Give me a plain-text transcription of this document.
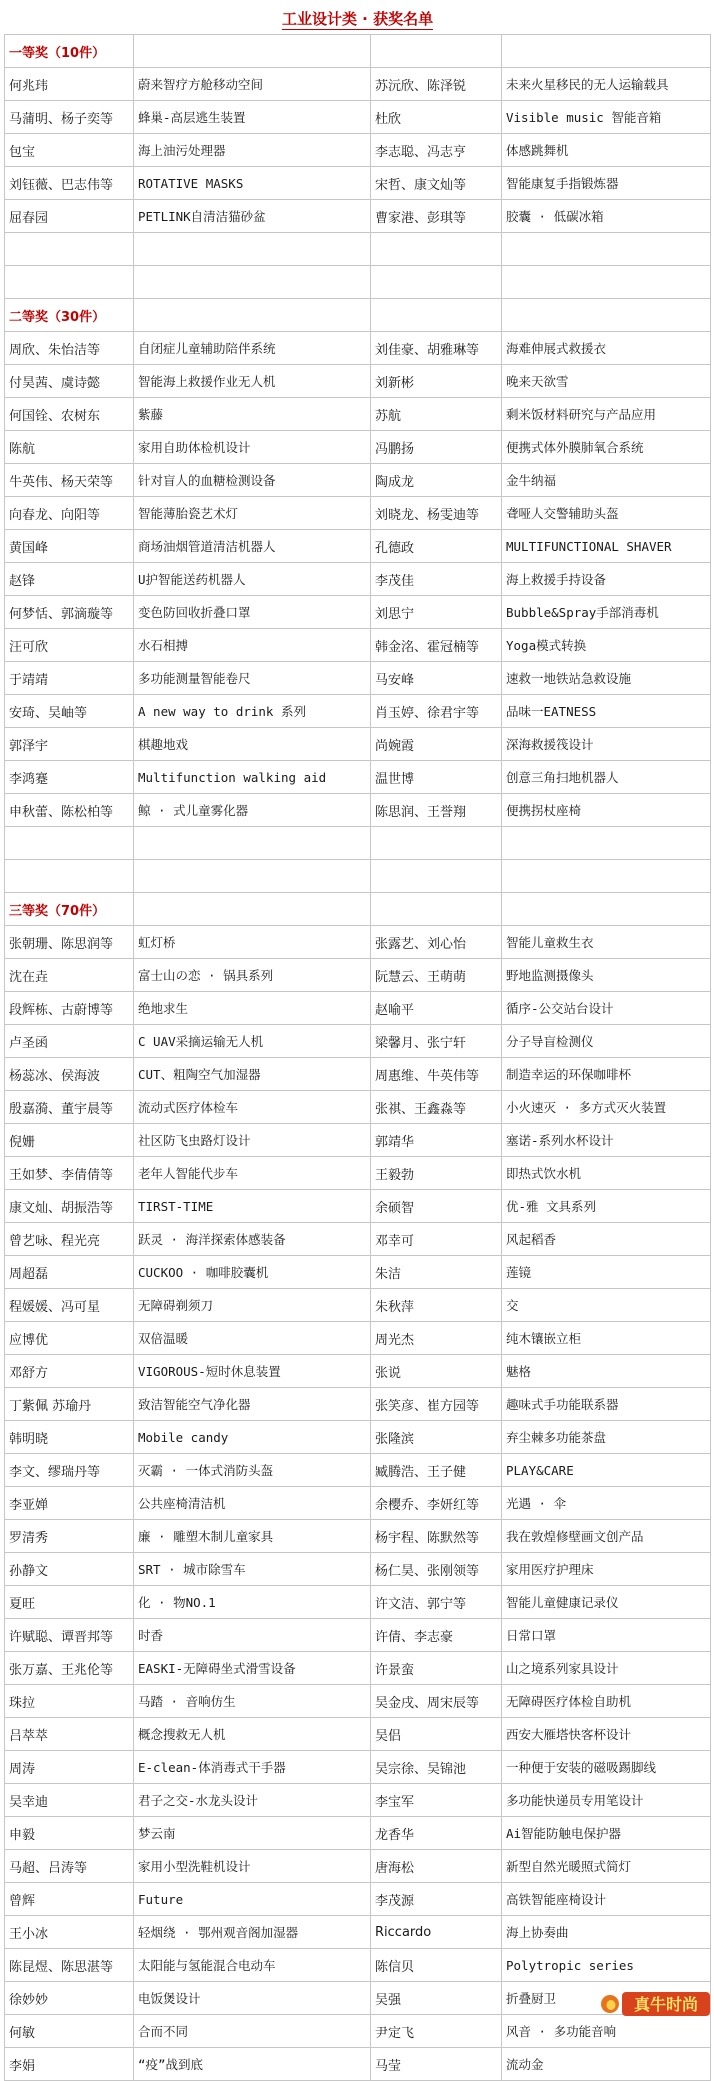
工业设计类 · 获奖名单			
一等奖（10件）			
何兆玮	蔚来智疗方舱移动空间	苏沅欣、陈泽锐	未来火星移民的无人运输载具
马蒲明、杨子奕等	蜂巢-高层逃生装置	杜欣	Visible music 智能音箱
包宝	海上油污处理器	李志聪、冯志亨	体感跳舞机
刘钰薇、巴志伟等	ROTATIVE MASKS	宋哲、康文灿等	智能康复手指锻炼器
屈春园	PETLINK自清洁猫砂盆	曹家港、彭琪等	胶囊 · 低碳冰箱

二等奖（30件）			
周欣、朱怡洁等	自闭症儿童辅助陪伴系统	刘佳豪、胡雅琳等	海难伸展式救援衣
付昊茜、虞诗懿	智能海上救援作业无人机	刘新彬	晚来天欲雪
何国铨、农树东	紫藤	苏航	剩米饭材料研究与产品应用
陈航	家用自助体检机设计	冯鹏扬	便携式体外膜肺氧合系统
牛英伟、杨天荣等	针对盲人的血糖检测设备	陶成龙	金牛纳福
向春龙、向阳等	智能薄胎瓷艺术灯	刘晓龙、杨雯迪等	聋哑人交警辅助头盔
黄国峰	商场油烟管道清洁机器人	孔德政	MULTIFUNCTIONAL SHAVER
赵锋	U护智能送药机器人	李茂佳	海上救援手持设备
何梦恬、郭滴璇等	变色防回收折叠口罩	刘思宁	Bubble&Spray手部消毒机
汪可欣	水石相搏	韩金洺、霍冠楠等	Yoga模式转换
于靖靖	多功能测量智能卷尺	马安峰	速救一地铁站急救设施
安琦、吴岫等	A new way to drink 系列	肖玉婷、徐君宇等	品味一EATNESS
郭泽宇	棋趣地戏	尚婉霞	深海救援筏设计
李鸿蹇	Multifunction walking aid	温世博	创意三角扫地机器人
申秋蕾、陈松柏等	鲸 · 式儿童雾化器	陈思润、王誉翔	便携拐杖座椅

三等奖（70件）			
张朝珊、陈思润等	虹灯桥	张露艺、刘心怡	智能儿童救生衣
沈在垚	富士山の恋 · 锅具系列	阮慧云、王萌萌	野地监测摄像头
段辉栋、古蔚博等	绝地求生	赵喻平	循序-公交站台设计
卢圣函	C UAV采摘运输无人机	梁馨月、张宁轩	分子导盲检测仪
杨蕊冰、侯海波	CUT、粗陶空气加湿器	周惠维、牛英伟等	制造幸运的环保咖啡杯
殷嘉漪、董宇晨等	流动式医疗体检车	张祺、王鑫淼等	小火速灭 · 多方式灭火装置
倪姗	社区防飞虫路灯设计	郭靖华	塞诺-系列水杯设计
王如梦、李倩倩等	老年人智能代步车	王毅勃	即热式饮水机
康文灿、胡振浩等	TIRST-TIME	余硕智	优-雅 文具系列
曾艺咏、程光亮	跃灵 · 海洋探索体感装备	邓幸可	风起稻香
周超磊	CUCKOO · 咖啡胶囊机	朱洁	莲镜
程媛媛、冯可星	无障碍剃须刀	朱秋萍	交
应博优	双倍温暖	周光杰	纯木镶嵌立柜
邓舒方	VIGOROUS-短时休息装置	张说	魅格
丁紫佩 苏瑜丹	致洁智能空气净化器	张笑彦、崔方园等	趣味式手功能联系器
韩明晓	Mobile candy	张隆滨	弃尘棘多功能茶盘
李文、缪瑞丹等	灭霸 · 一体式消防头盔	臧腾浩、王子健	PLAY&CARE
李亚婵	公共座椅清洁机	余樱乔、李妍红等	光遇 · 伞
罗清秀	廉 · 雕塑木制儿童家具	杨宇程、陈默然等	我在敦煌修壁画文创产品
孙静文	SRT · 城市除雪车	杨仁昊、张刚领等	家用医疗护理床
夏旺	化 · 物NO.1	许文洁、郭宁等	智能儿童健康记录仪
许赋聪、谭晋邦等	时香	许倩、李志豪	日常口罩
张万嘉、王兆伦等	EASKI-无障碍坐式滑雪设备	许景蛮	山之境系列家具设计
珠拉	马踏 · 音响仿生	吴金戌、周宋辰等	无障碍医疗体检自助机
吕萃萃	概念搜救无人机	吴侣	西安大雁塔快客杯设计
周涛	E-clean-体消毒式干手器	吴宗徐、吴锦池	一种便于安装的磁吸踢脚线
吴幸迪	君子之交-水龙头设计	李宝军	多功能快递员专用笔设计
申毅	梦云南	龙香华	Ai智能防触电保护器
马超、吕涛等	家用小型洗鞋机设计	唐海松	新型自然光暖照式简灯
曾辉	Future	李茂源	高铁智能座椅设计
王小冰	轻烟绕 · 鄂州观音阁加湿器	Riccardo	海上协奏曲
陈昆煜、陈思湛等	太阳能与氢能混合电动车	陈信贝	Polytropic series
徐妙妙	电饭煲设计	吴强	折叠厨卫
何敏	合而不同	尹定飞	风音 · 多功能音响
李娟	“疫”战到底	马莹	流动金
真牛时尚
